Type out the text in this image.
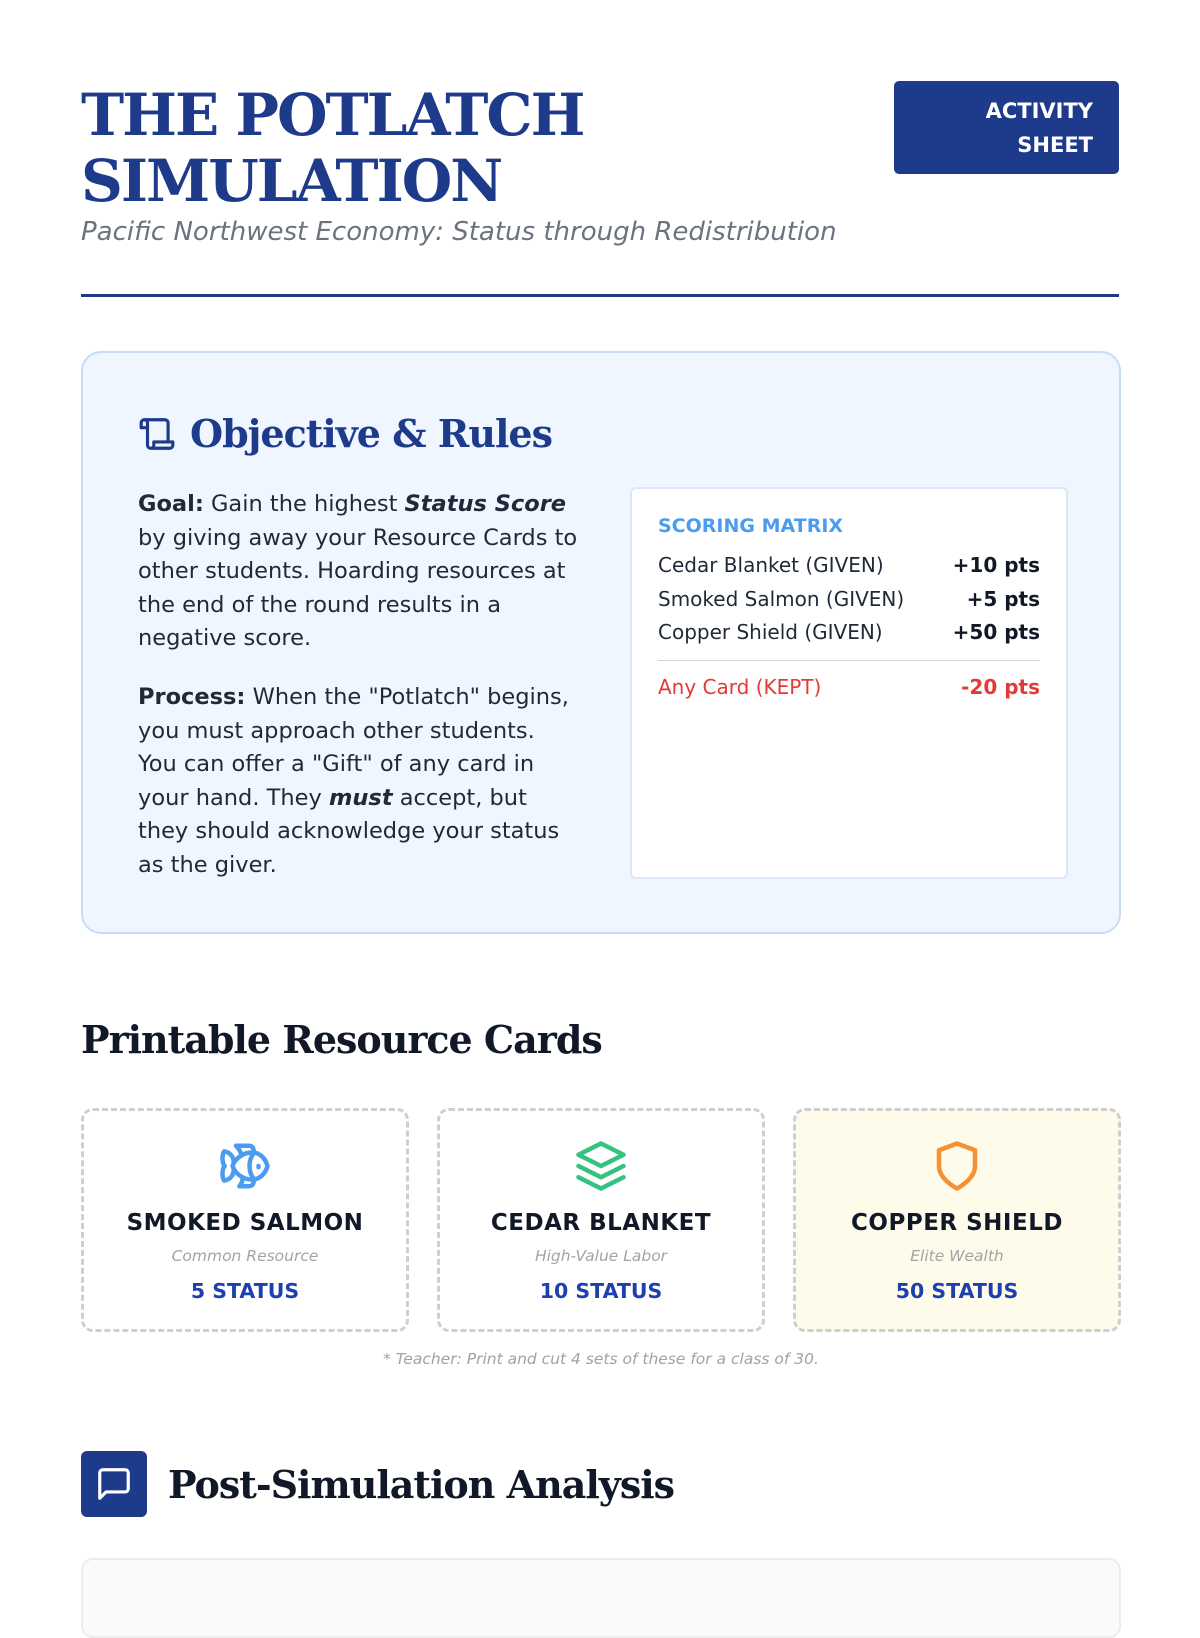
THE POTLATCH
SIMULATION
Pacific Northwest Economy: Status through Redistribution
ACTIVITY
SHEET
Objective & Rules

Goal: Gain the highest Status Score by giving away your Resource Cards to other students. Hoarding resources at the end of the round results in a negative score.

Process: When the "Potlatch" begins, you must approach other students. You can offer a "Gift" of any card in your hand. They must accept, but they should acknowledge your status as the giver.

SCORING MATRIX
Cedar Blanket (GIVEN)	+10 pts
Smoked Salmon (GIVEN)	+5 pts
Copper Shield (GIVEN)	+50 pts
Any Card (KEPT)	-20 pts
Printable Resource Cards
SMOKED SALMON
Common Resource
5 STATUS
CEDAR BLANKET
High-Value Labor
10 STATUS
COPPER SHIELD
Elite Wealth
50 STATUS
* Teacher: Print and cut 4 sets of these for a class of 30.
Post-Simulation Analysis
